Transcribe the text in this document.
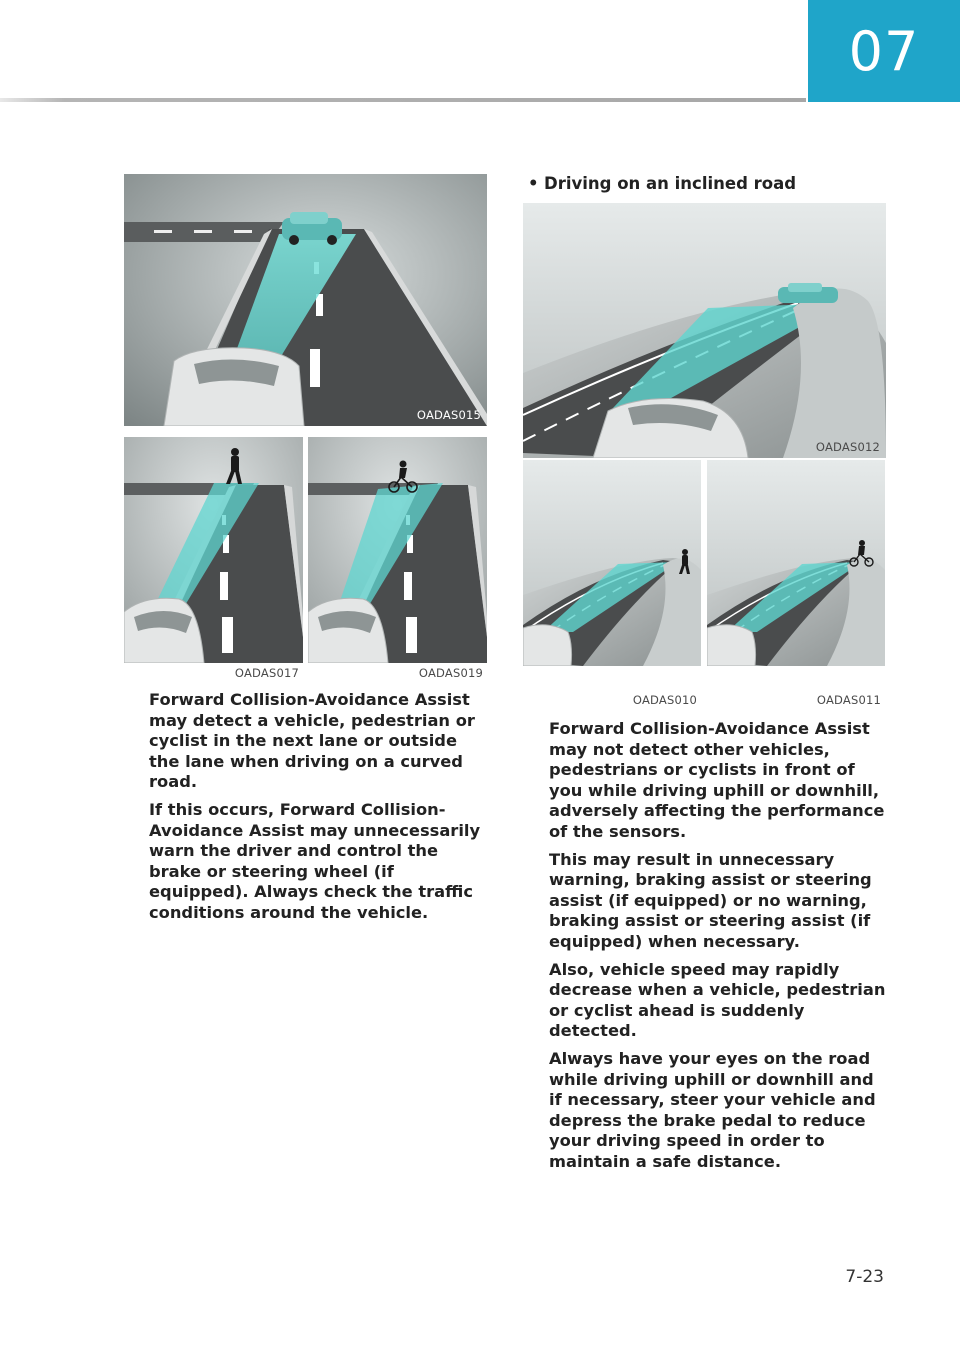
07
OADAS015
OADAS017	OADAS019

Forward Collision-Avoidance Assist may detect a vehicle, pedestrian or cyclist in the next lane or outside the lane when driving on a curved road.

If this occurs, Forward Collision-Avoidance Assist may unnecessarily warn the driver and control the brake or steering wheel (if equipped). Always check the traffic conditions around the vehicle.

• Driving on an inclined road
OADAS012
OADAS010	OADAS011

Forward Collision-Avoidance Assist may not detect other vehicles, pedestrians or cyclists in front of you while driving uphill or downhill, adversely affecting the performance of the sensors.

This may result in unnecessary warning, braking assist or steering assist (if equipped) or no warning, braking assist or steering assist (if equipped) when necessary.

Also, vehicle speed may rapidly decrease when a vehicle, pedestrian or cyclist ahead is suddenly detected.

Always have your eyes on the road while driving uphill or downhill and if necessary, steer your vehicle and depress the brake pedal to reduce your driving speed in order to maintain a safe distance.

7-23
